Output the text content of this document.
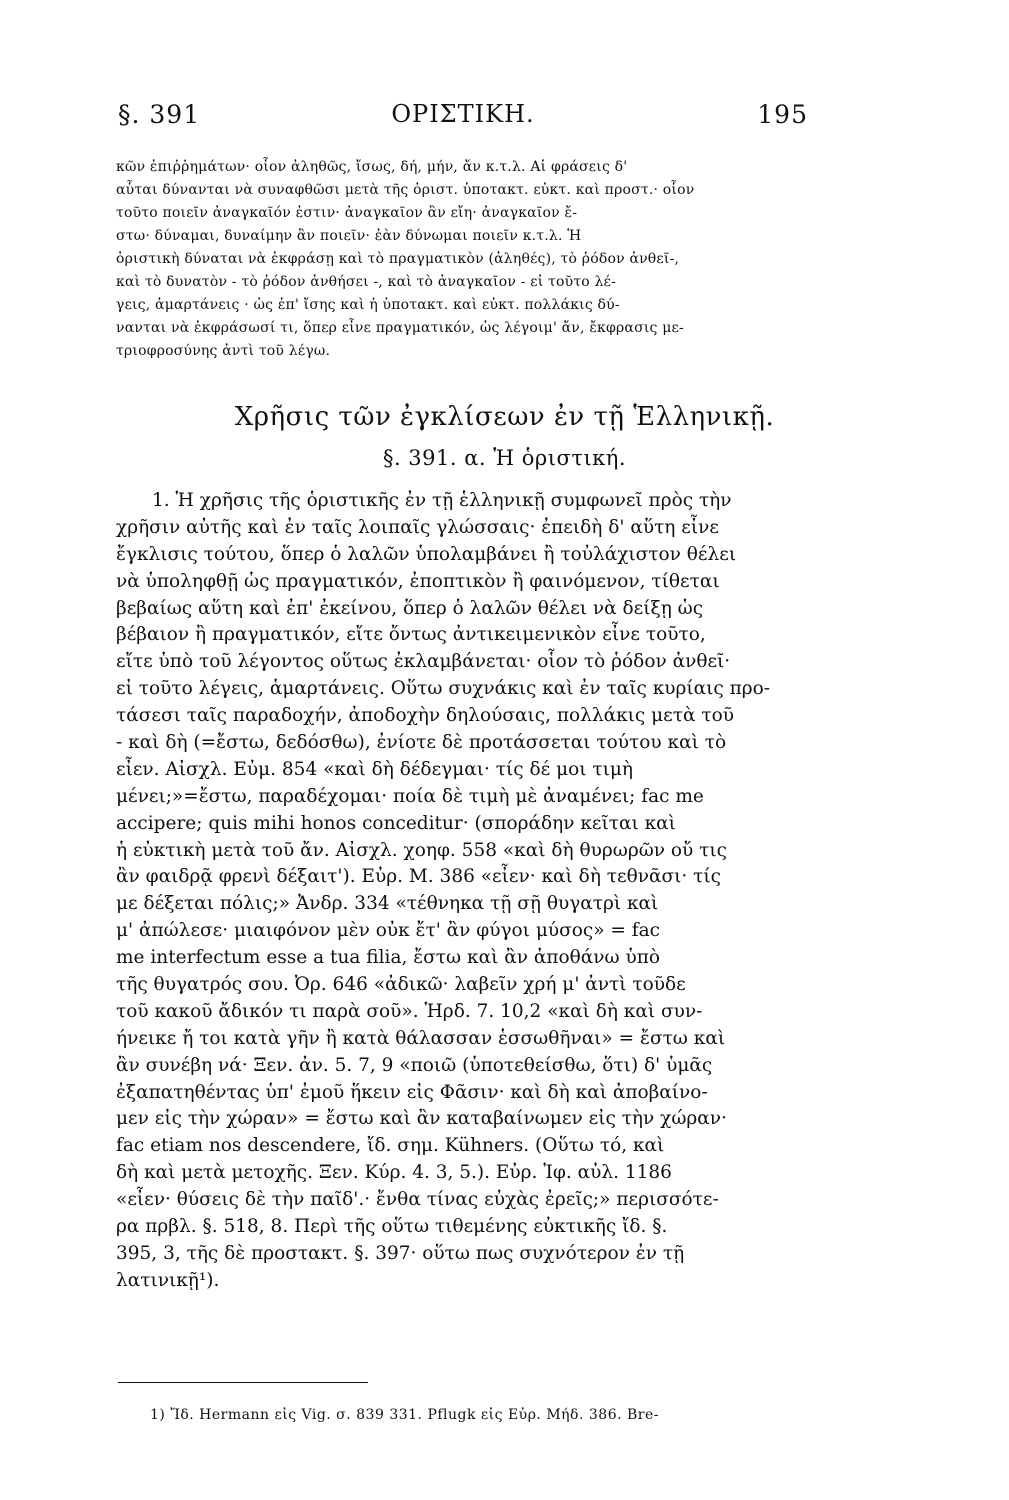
§. 391	ΟΡΙΣΤΙΚΗ.	195
κῶν ἐπιῤῥημάτων· οἷον ἀληθῶς, ἴσως, δή, μήν, ἄν κ.τ.λ. Αἱ φράσεις δ'
αὗται δύνανται νὰ συναφθῶσι μετὰ τῆς ὁριστ. ὑποτακτ. εὐκτ. καὶ προστ.· οἷον
τοῦτο ποιεῖν ἀναγκαῖόν ἐστιν· ἀναγκαῖον ἂν εἴη· ἀναγκαῖον ἔ-
στω· δύναμαι, δυναίμην ἂν ποιεῖν· ἐὰν δύνωμαι ποιεῖν κ.τ.λ. Ἡ
ὁριστικὴ δύναται νὰ ἐκφράσῃ καὶ τὸ πραγματικὸν (ἀληθές), τὸ ῥόδον ἀνθεῖ-,
καὶ τὸ δυνατὸν - τὸ ῥόδον ἀνθήσει -, καὶ τὸ ἀναγκαῖον - εἰ τοῦτο λέ-
γεις, ἁμαρτάνεις · ὡς ἐπ' ἴσης καὶ ἡ ὑποτακτ. καὶ εὐκτ. πολλάκις δύ-
νανται νὰ ἐκφράσωσί τι, ὅπερ εἶνε πραγματικόν, ὡς λέγοιμ' ἄν, ἔκφρασις με-
τριοφροσύνης ἀντὶ τοῦ λέγω.
Χρῆσις τῶν ἐγκλίσεων ἐν τῇ Ἑλληνικῇ.
§. 391. α. Ἡ ὁριστική.
1. Ἡ χρῆσις τῆς ὁριστικῆς ἐν τῇ ἑλληνικῇ συμφωνεῖ πρὸς τὴν
χρῆσιν αὐτῆς καὶ ἐν ταῖς λοιπαῖς γλώσσαις· ἐπειδὴ δ' αὕτη εἶνε
ἔγκλισις τούτου, ὅπερ ὁ λαλῶν ὑπολαμβάνει ἢ τοὐλάχιστον θέλει
νὰ ὑποληφθῇ ὡς πραγματικόν, ἐποπτικὸν ἢ φαινόμενον, τίθεται
βεβαίως αὕτη καὶ ἐπ' ἐκείνου, ὅπερ ὁ λαλῶν θέλει νὰ δείξῃ ὡς
βέβαιον ἢ πραγματικόν, εἴτε ὄντως ἀντικειμενικὸν εἶνε τοῦτο,
εἴτε ὑπὸ τοῦ λέγοντος οὕτως ἐκλαμβάνεται· οἷον τὸ ῥόδον ἀνθεῖ·
εἰ τοῦτο λέγεις, ἁμαρτάνεις. Οὕτω συχνάκις καὶ ἐν ταῖς κυρίαις προ-
τάσεσι ταῖς παραδοχήν, ἀποδοχὴν δηλούσαις, πολλάκις μετὰ τοῦ
- καὶ δὴ (=ἔστω, δεδόσθω), ἐνίοτε δὲ προτάσσεται τούτου καὶ τὸ
εἶεν. Αἰσχλ. Εὐμ. 854 «καὶ δὴ δέδεγμαι· τίς δέ μοι τιμὴ
μένει;»=ἔστω, παραδέχομαι· ποία δὲ τιμὴ μὲ ἀναμένει; fac me
accipere; quis mihi honos conceditur· (σποράδην κεῖται καὶ
ἡ εὐκτικὴ μετὰ τοῦ ἄν. Αἰσχλ. χοηφ. 558 «καὶ δὴ θυρωρῶν οὔ τις
ἂν φαιδρᾷ φρενὶ δέξαιτ'). Εὐρ. Μ. 386 «εἶεν· καὶ δὴ τεθνᾶσι· τίς
με δέξεται πόλις;» Ἀνδρ. 334 «τέθνηκα τῇ σῇ θυγατρὶ καὶ
μ' ἀπώλεσε· μιαιφόνον μὲν οὐκ ἔτ' ἂν φύγοι μύσος» = fac
me interfectum esse a tua filia, ἔστω καὶ ἂν ἀποθάνω ὑπὸ
τῆς θυγατρός σου. Ὀρ. 646 «ἀδικῶ· λαβεῖν χρή μ' ἀντὶ τοῦδε
τοῦ κακοῦ ἄδικόν τι παρὰ σοῦ». Ἡρδ. 7. 10,2 «καὶ δὴ καὶ συν-
ήνεικε ἤ τοι κατὰ γῆν ἢ κατὰ θάλασσαν ἑσσωθῆναι» = ἔστω καὶ
ἂν συνέβη νά· Ξεν. ἀν. 5. 7, 9 «ποιῶ (ὑποτεθείσθω, ὅτι) δ' ὑμᾶς
ἐξαπατηθέντας ὑπ' ἐμοῦ ἥκειν εἰς Φᾶσιν· καὶ δὴ καὶ ἀποβαίνο-
μεν εἰς τὴν χώραν» = ἔστω καὶ ἂν καταβαίνωμεν εἰς τὴν χώραν·
fac etiam nos descendere, ἴδ. σημ. Kühners. (Οὕτω τό, καὶ
δὴ καὶ μετὰ μετοχῆς. Ξεν. Κύρ. 4. 3, 5.). Εὐρ. Ἰφ. αὐλ. 1186
«εἶεν· θύσεις δὲ τὴν παῖδ'.· ἔνθα τίνας εὐχὰς ἐρεῖς;» περισσότε-
ρα πρβλ. §. 518, 8. Περὶ τῆς οὕτω τιθεμένης εὐκτικῆς ἴδ. §.
395, 3, τῆς δὲ προστακτ. §. 397· οὕτω πως συχνότερον ἐν τῇ
λατινικῇ¹).
1) Ἴδ. Hermann εἰς Vig. σ. 839 331. Pflugk εἰς Εὐρ. Μήδ. 386. Bre-
